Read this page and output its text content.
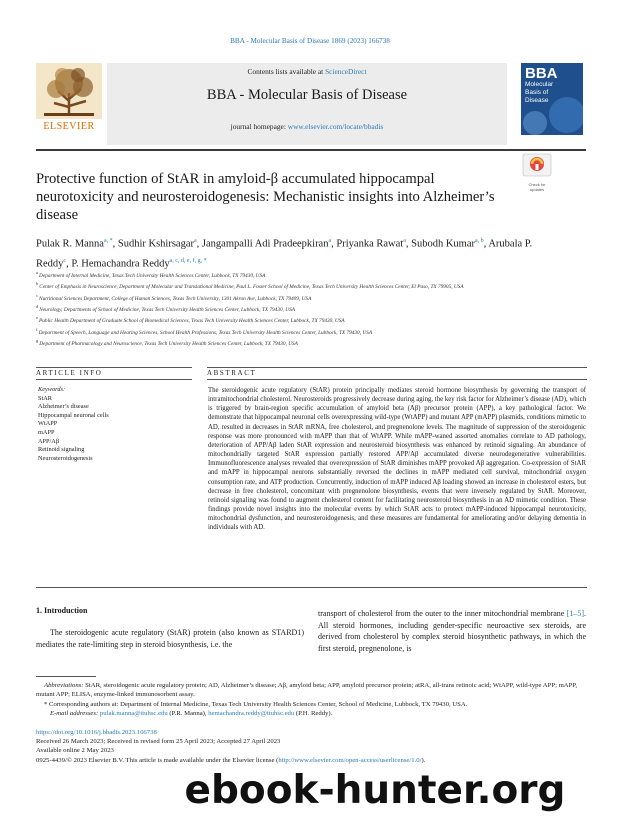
BBA - Molecular Basis of Disease 1869 (2023) 166738
ELSEVIER
Contents lists available at ScienceDirect
BBA - Molecular Basis of Disease
journal homepage: www.elsevier.com/locate/bbadis
BBA
Molecular
Basis of
Disease
Check for updates
Protective function of StAR in amyloid-β accumulated hippocampal neurotoxicity and neurosteroidogenesis: Mechanistic insights into Alzheimer’s disease
Pulak R. Manna$^{a, *}$, Sudhir Kshirsagar$^a$, Jangampalli Adi Pradeepkiran$^a$, Priyanka Rawat$^a$, Subodh Kumar$^{a, b}$, Arubala P. Reddy$^c$, P. Hemachandra Reddy$^{a, c, d, e, f, g, *}$
$^a$ Department of Internal Medicine, Texas Tech University Health Sciences Center, Lubbock, TX 79430, USA
$^b$ Center of Emphasis in Neuroscience, Department of Molecular and Translational Medicine, Paul L. Foster School of Medicine, Texas Tech University Health Sciences Center, El Paso, TX 79905, USA
$^c$ Nutritional Sciences Department, College of Human Sciences, Texas Tech University, 1301 Akron Ave, Lubbock, TX 79409, USA
$^d$ Neurology, Departments of School of Medicine, Texas Tech University Health Sciences Center, Lubbock, TX 79430, USA
$^e$ Public Health Department of Graduate School of Biomedical Sciences, Texas Tech University Health Sciences Center, Lubbock, TX 79430, USA
$^f$ Department of Speech, Language and Hearing Sciences, School Health Professions, Texas Tech University Health Sciences Center, Lubbock, TX 79430, USA
$^g$ Department of Pharmacology and Neuroscience, Texas Tech University Health Sciences Center, Lubbock, TX 79430, USA
ARTICLE INFO	ABSTRACT
Keywords:
StAR
Alzheimer’s disease
Hippocampal neuronal cells
WtAPP
mAPP
APP/Aβ
Retinoid signaling
Neurosteroidogenesis
The steroidogenic acute regulatory (StAR) protein principally mediates steroid hormone biosynthesis by governing the transport of intramitochondrial cholesterol. Neurosteroids progressively decrease during aging, the key risk factor for Alzheimer’s disease (AD), which is triggered by brain-region specific accumulation of amyloid beta (Aβ) precursor protein (APP), a key pathological factor. We demonstrate that hippocampal neuronal cells overexpressing wild-type (WtAPP) and mutant APP (mAPP) plasmids, conditions mimetic to AD, resulted in decreases in StAR mRNA, free cholesterol, and pregnenolone levels. The magnitude of suppression of the steroidogenic response was more pronounced with mAPP than that of WtAPP. While mAPP-waned assorted anomalies correlate to AD pathology, deterioration of APP/Aβ laden StAR expression and neurosteroid biosynthesis was enhanced by retinoid signaling. An abundance of mitochondrially targeted StAR expression partially restored APP/Aβ accumulated diverse neurodegenerative vulnerabilities. Immunofluorescence analyses revealed that overexpression of StAR diminishes mAPP provoked Aβ aggregation. Co-expression of StAR and mAPP in hippocampal neurons substantially reversed the declines in mAPP mediated cell survival, mitochondrial oxygen consumption rate, and ATP production. Concurrently, induction of mAPP induced Aβ loading showed an increase in cholesterol esters, but decrease in free cholesterol, concomitant with pregnenolone biosynthesis, events that were inversely regulated by StAR. Moreover, retinoid signaling was found to augment cholesterol content for facilitating neurosteroid biosynthesis in an AD mimetic condition. These findings provide novel insights into the molecular events by which StAR acts to protect mAPP-induced hippocampal neurotoxicity, mitochondrial dysfunction, and neurosteroidogenesis, and these measures are fundamental for ameliorating and/or delaying dementia in individuals with AD.
1. Introduction
The steroidogenic acute regulatory (StAR) protein (also known as STARD1) mediates the rate-limiting step in steroid biosynthesis, i.e. the
transport of cholesterol from the outer to the inner mitochondrial membrane [1–5]. All steroid hormones, including gender-specific neuroactive sex steroids, are derived from cholesterol by complex steroid biosynthetic pathways, in which the first steroid, pregnenolone, is
Abbreviations: StAR, steroidogenic acute regulatory protein; AD, Alzheimer’s disease; Aβ, amyloid beta; APP, amyloid precursor protein; atRA, all-trans retinoic acid; WtAPP, wild-type APP; mAPP, mutant APP; ELISA, enzyme-linked immunosorbent assay.
* Corresponding authors at: Department of Internal Medicine, Texas Tech University Health Sciences Center, School of Medicine, Lubbock, TX 79430, USA.
E-mail addresses: pulak.manna@ttuhsc.edu (P.R. Manna), hemachandra.reddy@ttuhsc.edu (P.H. Reddy).
https://doi.org/10.1016/j.bbadis.2023.166738
Received 26 March 2023; Received in revised form 25 April 2023; Accepted 27 April 2023
Available online 2 May 2023
0925-4439/© 2023 Elsevier B.V. This article is made available under the Elsevier license (http://www.elsevier.com/open-access/userlicense/1.0/).
ebook-hunter.org
